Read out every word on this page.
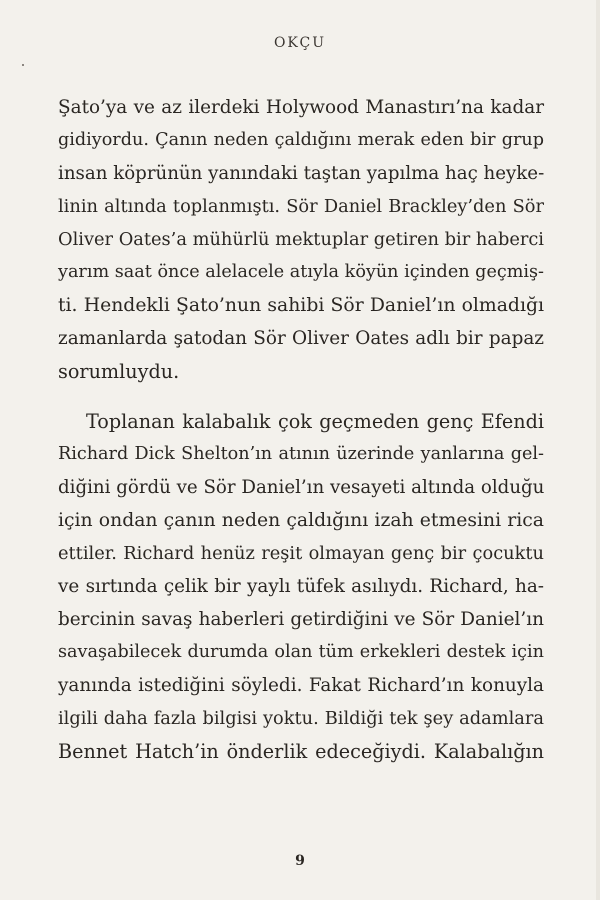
OKÇU
Şato’ya ve az ilerdeki Holywood Manastırı’na kadar
gidiyordu. Çanın neden çaldığını merak eden bir grup
insan köprünün yanındaki taştan yapılma haç heyke-
linin altında toplanmıştı. Sör Daniel Brackley’den Sör
Oliver Oates’a mühürlü mektuplar getiren bir haberci
yarım saat önce alelacele atıyla köyün içinden geçmiş-
ti. Hendekli Şato’nun sahibi Sör Daniel’ın olmadığı
zamanlarda şatodan Sör Oliver Oates adlı bir papaz
sorumluydu.
Toplanan kalabalık çok geçmeden genç Efendi
Richard Dick Shelton’ın atının üzerinde yanlarına gel-
diğini gördü ve Sör Daniel’ın vesayeti altında olduğu
için ondan çanın neden çaldığını izah etmesini rica
ettiler. Richard henüz reşit olmayan genç bir çocuktu
ve sırtında çelik bir yaylı tüfek asılıydı. Richard, ha-
bercinin savaş haberleri getirdiğini ve Sör Daniel’ın
savaşabilecek durumda olan tüm erkekleri destek için
yanında istediğini söyledi. Fakat Richard’ın konuyla
ilgili daha fazla bilgisi yoktu. Bildiği tek şey adamlara
Bennet Hatch’in önderlik edeceğiydi. Kalabalığın
9
